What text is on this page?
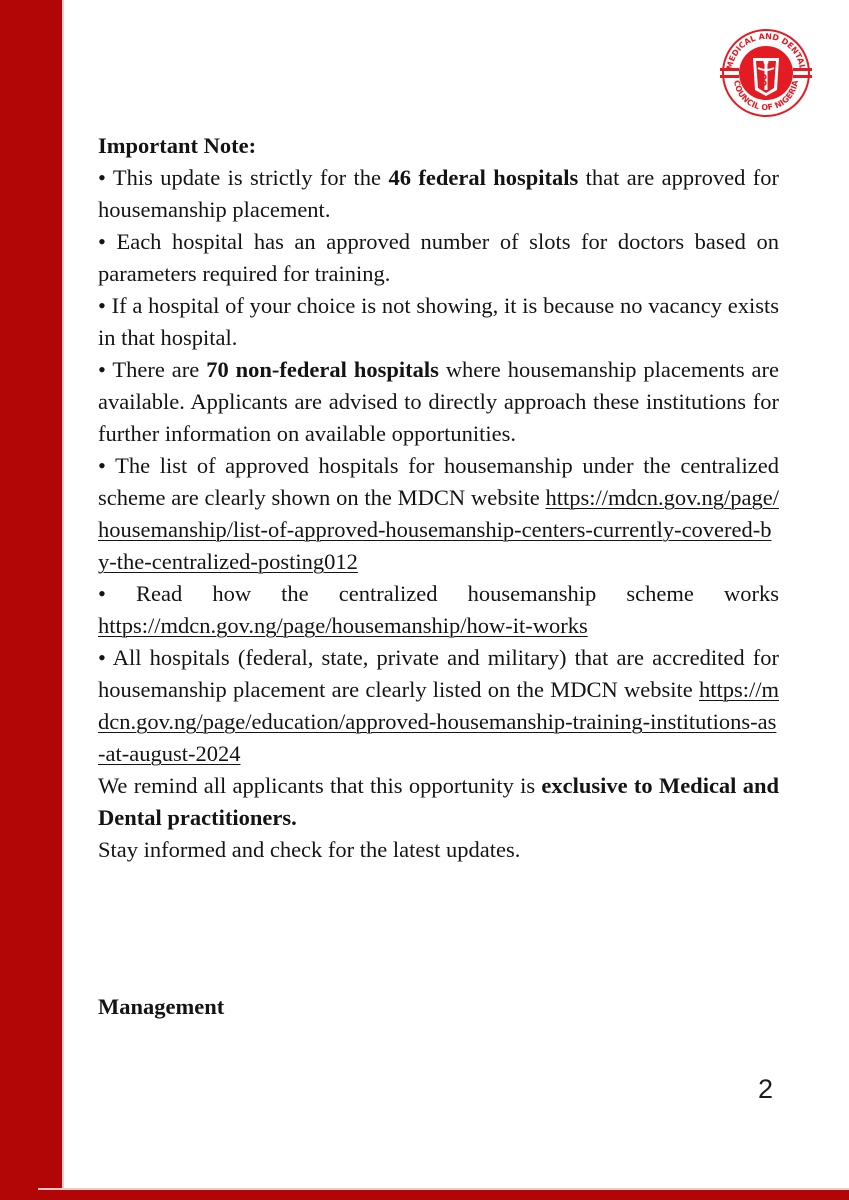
MEDICAL AND DENTAL
COUNCIL OF NIGERIA

Important Note:

• This update is strictly for the 46 federal hospitals that are approved for housemanship placement.

• Each hospital has an approved number of slots for doctors based on parameters required for training.

• If a hospital of your choice is not showing, it is because no vacancy exists in that hospital.

• There are 70 non-federal hospitals where housemanship placements are available. Applicants are advised to directly approach these institutions for further information on available opportunities.

• The list of approved hospitals for housemanship under the centralized scheme are clearly shown on the MDCN website https://mdcn.gov.ng/page/housemanship/list-of-approved-housemanship-centers-currently-covered-by-the-centralized-posting012

• Read how the centralized housemanship scheme works https://mdcn.gov.ng/page/housemanship/how-it-works

• All hospitals (federal, state, private and military) that are accredited for housemanship placement are clearly listed on the MDCN website https://mdcn.gov.ng/page/education/approved-housemanship-training-institutions-as-at-august-2024

We remind all applicants that this opportunity is exclusive to Medical and Dental practitioners.

Stay informed and check for the latest updates.

Management
2
